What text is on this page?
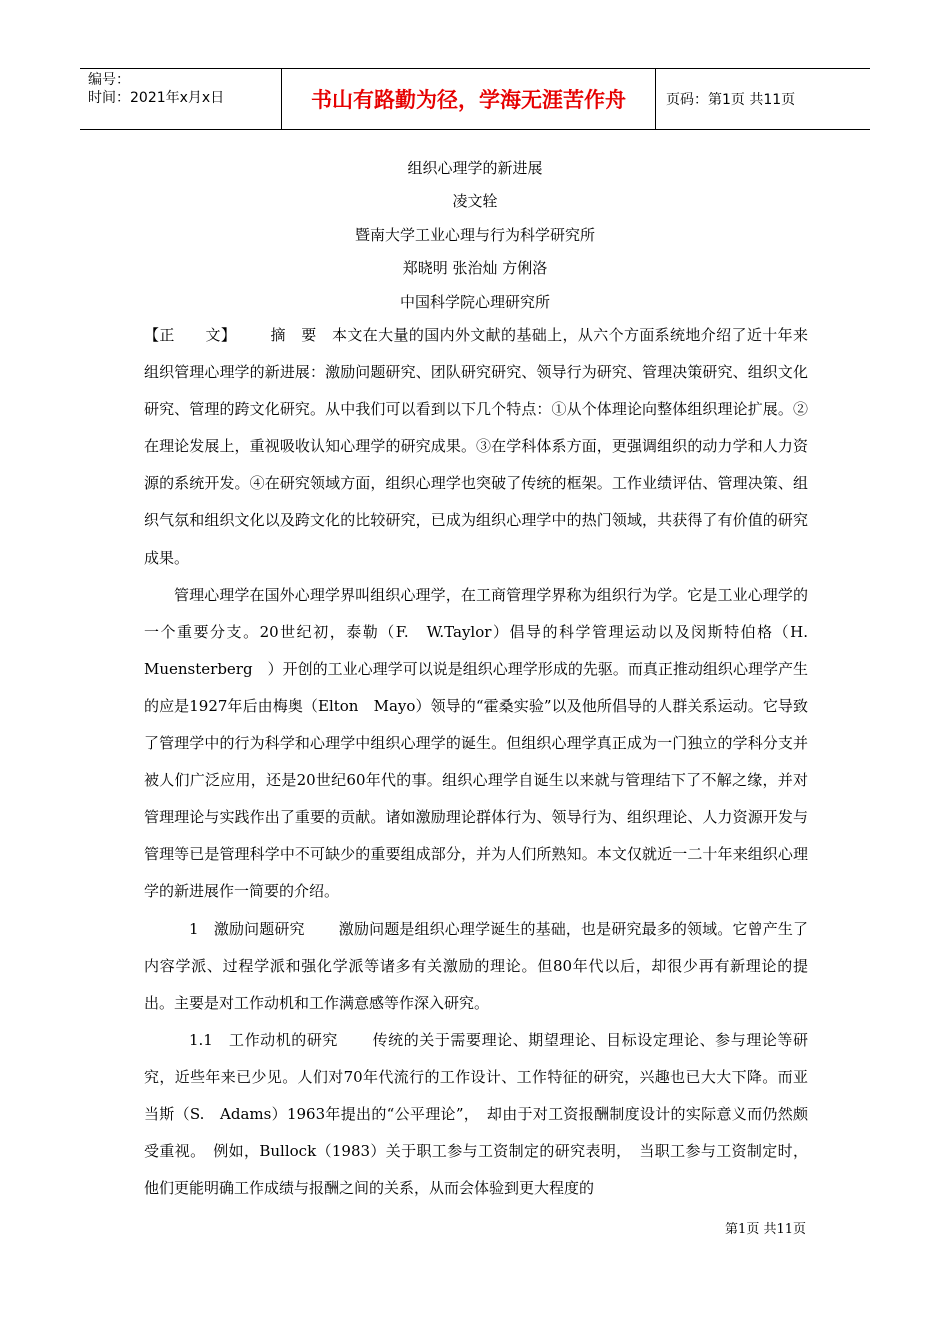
编号：
时间：2021年x月x日	书山有路勤为径，学海无涯苦作舟	页码：第1页 共11页
组织心理学的新进展
凌文辁
暨南大学工业心理与行为科学研究所
郑晓明 张治灿 方俐洛
中国科学院心理研究所

【正　　文】 摘　要　 本文在大量的国内外文献的基础上，从六个方面系统地介绍了近十年来组织管理心理学的新进展：激励问题研究、团队研究研究、领导行为研究、管理决策研究、组织文化研究、管理的跨文化研究。从中我们可以看到以下几个特点：①从个体理论向整体组织理论扩展。②在理论发展上，重视吸收认知心理学的研究成果。③在学科体系方面，更强调组织的动力学和人力资源的系统开发。④在研究领域方面，组织心理学也突破了传统的框架。工作业绩评估、管理决策、组织气氛和组织文化以及跨文化的比较研究，已成为组织心理学中的热门领域，共获得了有价值的研究成果。

管理心理学在国外心理学界叫组织心理学，在工商管理学界称为组织行为学。它是工业心理学的一个重要分支。20世纪初，泰勒（F.　W.Taylor）倡导的科学管理运动以及闵斯特伯格（H.　Muensterberg　）开创的工业心理学可以说是组织心理学形成的先驱。而真正推动组织心理学产生的应是1927年后由梅奥（Elton　Mayo）领导的“霍桑实验”以及他所倡导的人群关系运动。它导致了管理学中的行为科学和心理学中组织心理学的诞生。但组织心理学真正成为一门独立的学科分支并被人们广泛应用，还是20世纪60年代的事。组织心理学自诞生以来就与管理结下了不解之缘，并对管理理论与实践作出了重要的贡献。诸如激励理论群体行为、领导行为、组织理论、人力资源开发与管理等已是管理科学中不可缺少的重要组成部分，并为人们所熟知。本文仅就近一二十年来组织心理学的新进展作一简要的介绍。

1　激励问题研究 激励问题是组织心理学诞生的基础，也是研究最多的领域。它曾产生了内容学派、过程学派和强化学派等诸多有关激励的理论。但80年代以后，却很少再有新理论的提出。主要是对工作动机和工作满意感等作深入研究。

1.1　工作动机的研究 传统的关于需要理论、期望理论、目标设定理论、参与理论等研究，近些年来已少见。人们对70年代流行的工作设计、工作特征的研究，兴趣也已大大下降。而亚当斯（S.　Adams）1963年提出的“公平理论”，　却由于对工资报酬制度设计的实际意义而仍然颇受重视。　例如，Bullock（1983）关于职工参与工资制定的研究表明，　当职工参与工资制定时，他们更能明确工作成绩与报酬之间的关系，从而会体验到更大程度的

第1页 共11页
